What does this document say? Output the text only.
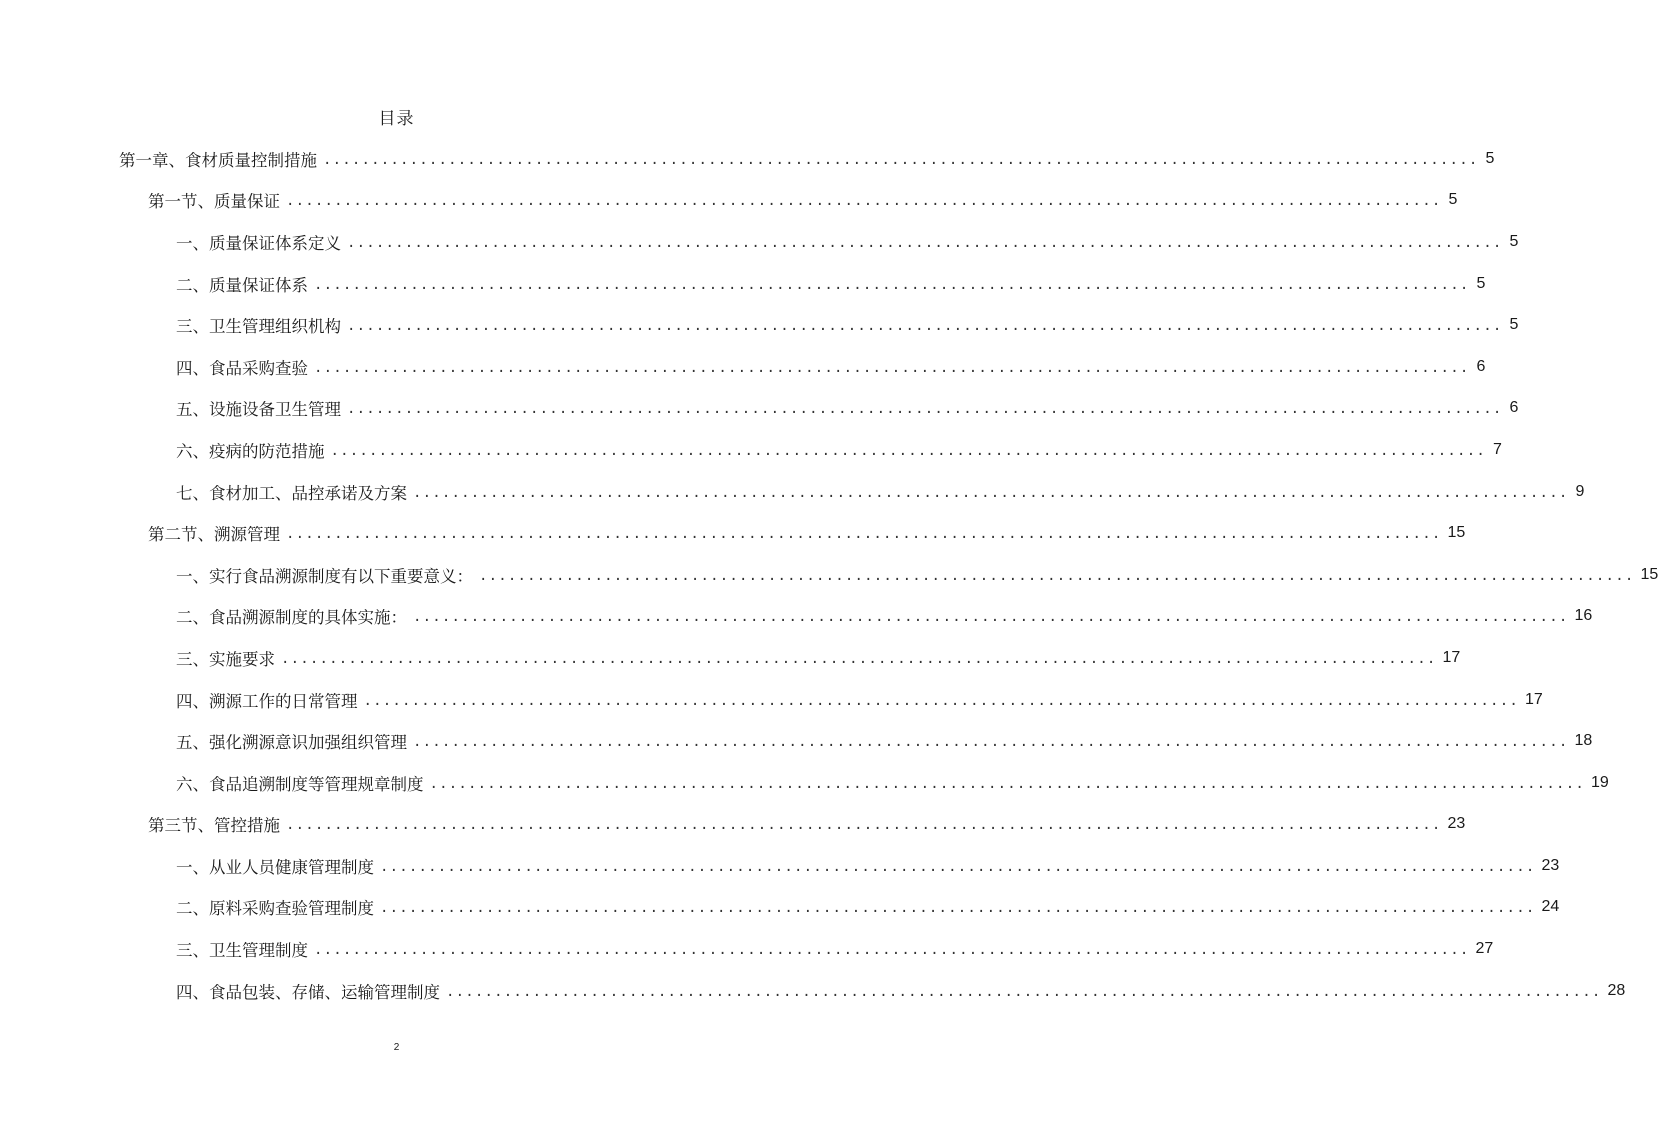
目录
第一章、食材质量控制措施 ........................................................................................................................ 5
第一节、质量保证 ........................................................................................................................ 5
一、质量保证体系定义 ........................................................................................................................ 5
二、质量保证体系 ........................................................................................................................ 5
三、卫生管理组织机构 ........................................................................................................................ 5
四、食品采购查验 ........................................................................................................................ 6
五、设施设备卫生管理 ........................................................................................................................ 6
六、疫病的防范措施 ........................................................................................................................ 7
七、食材加工、品控承诺及方案 ........................................................................................................................ 9
第二节、溯源管理 ........................................................................................................................ 15
一、实行食品溯源制度有以下重要意义： ........................................................................................................................ 15
二、食品溯源制度的具体实施： ........................................................................................................................ 16
三、实施要求 ........................................................................................................................ 17
四、溯源工作的日常管理 ........................................................................................................................ 17
五、强化溯源意识加强组织管理 ........................................................................................................................ 18
六、食品追溯制度等管理规章制度 ........................................................................................................................ 19
第三节、管控措施 ........................................................................................................................ 23
一、从业人员健康管理制度 ........................................................................................................................ 23
二、原料采购查验管理制度 ........................................................................................................................ 24
三、卫生管理制度 ........................................................................................................................ 27
四、食品包装、存储、运输管理制度 ........................................................................................................................ 28
2
